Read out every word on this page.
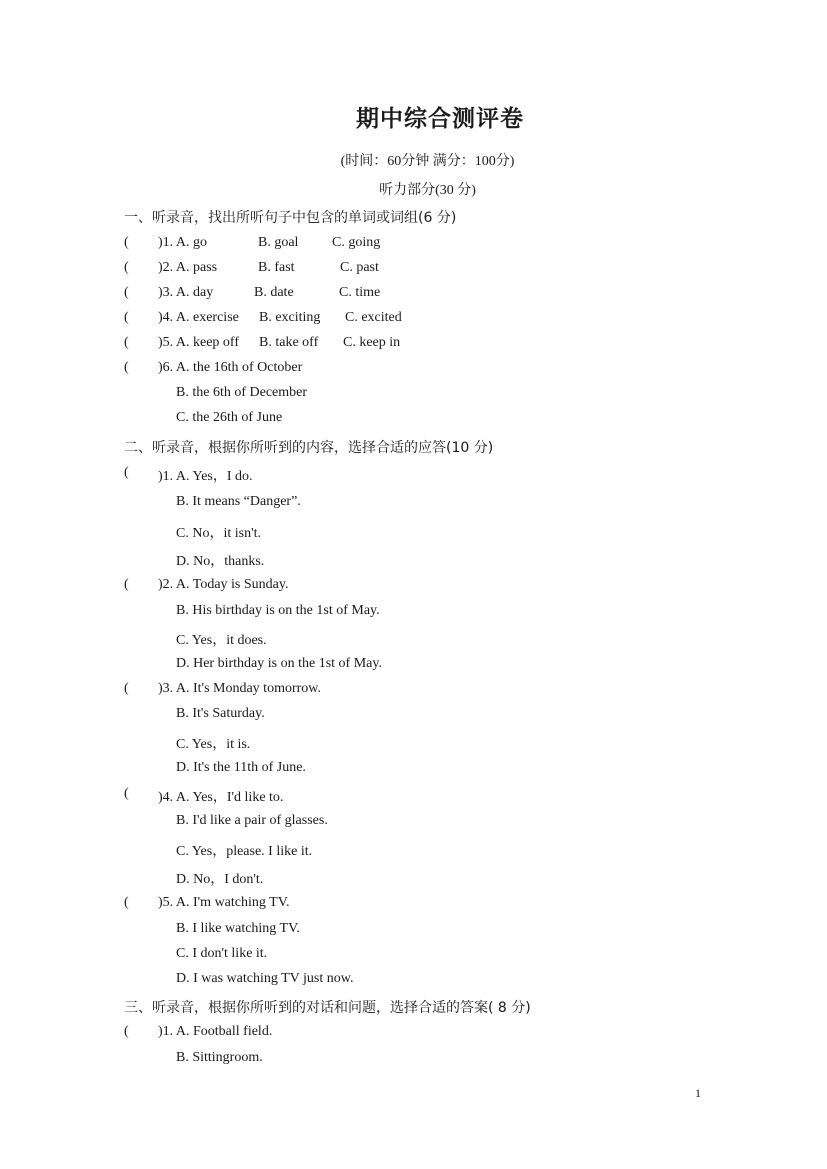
期中综合测评卷
(时间：60分钟 满分：100分)
听力部分(30 分)
一、听录音，找出所听句子中包含的单词或词组(6 分)
( )1. A. go	B. goal C. going
( )2. A. pass	B. fast	C. past
( )3. A. day	B. date	C. time
( )4. A. exercise B. exciting C. excited
( )5. A. keep off B. take off C. keep in
( )6. A. the 16th of October
B. the 6th of December
C. the 26th of June
二、听录音，根据你所听到的内容，选择合适的应答(10 分)
( )1. A. Yes，I do.
B. It means “Danger”.
C. No，it isn't.
D. No，thanks.
( )2. A. Today is Sunday.
B. His birthday is on the 1st of May.
C. Yes，it does.
D. Her birthday is on the 1st of May.
( )3. A. It's Monday tomorrow.
B. It's Saturday.
C. Yes，it is.
D. It's the 11th of June.
( )4. A. Yes，I'd like to.
B. I'd like a pair of glasses.
C. Yes，please. I like it.
D. No，I don't.
( )5. A. I'm watching TV.
B. I like watching TV.
C. I don't like it.
D. I was watching TV just now.
三、听录音，根据你所听到的对话和问题，选择合适的答案( 8 分)
( )1. A. Football field.
B. Sittingroom.
1
